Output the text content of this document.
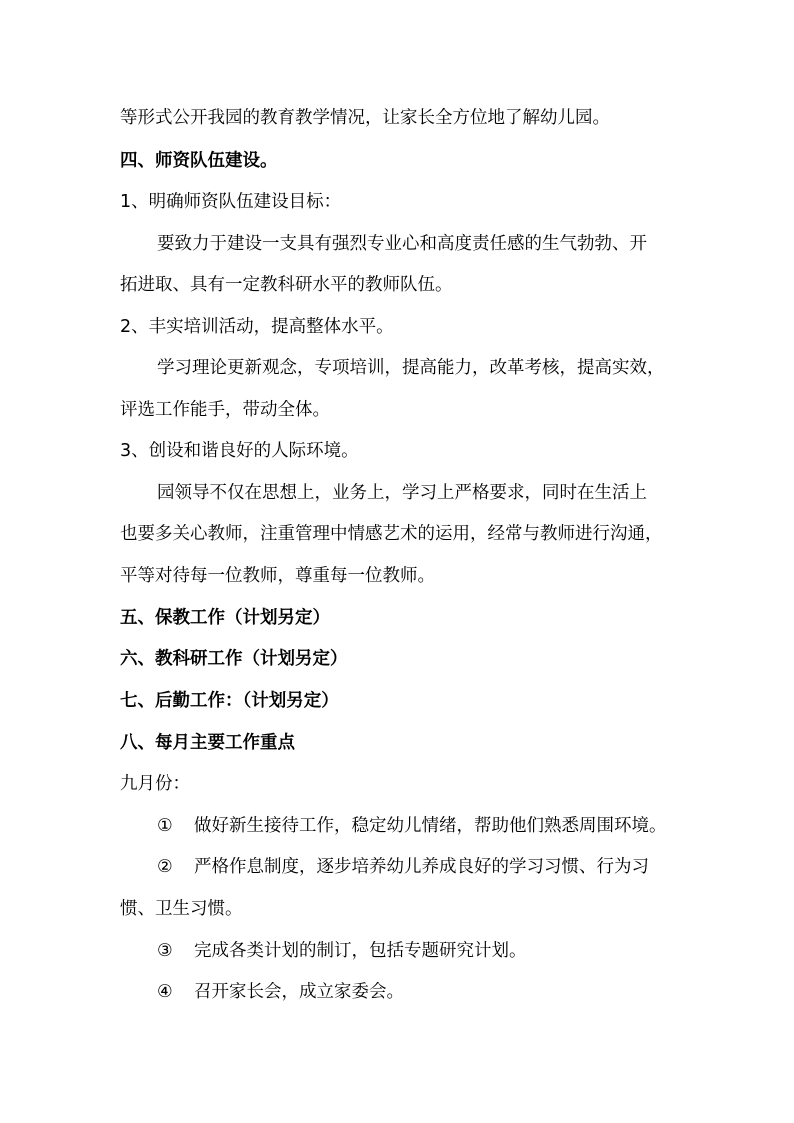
等形式公开我园的教育教学情况，让家长全方位地了解幼儿园。
四、师资队伍建设。
1、明确师资队伍建设目标：
要致力于建设一支具有强烈专业心和高度责任感的生气勃勃、开
拓进取、具有一定教科研水平的教师队伍。
2、丰实培训活动，提高整体水平。
学习理论更新观念，专项培训，提高能力，改革考核，提高实效，
评选工作能手，带动全体。
3、创设和谐良好的人际环境。
园领导不仅在思想上，业务上，学习上严格要求，同时在生活上
也要多关心教师，注重管理中情感艺术的运用，经常与教师进行沟通，
平等对待每一位教师，尊重每一位教师。
五、保教工作（计划另定）
六、教科研工作（计划另定）
七、后勤工作：（计划另定）
八、每月主要工作重点
九月份：
① 做好新生接待工作，稳定幼儿情绪，帮助他们熟悉周围环境。
② 严格作息制度，逐步培养幼儿养成良好的学习习惯、行为习
惯、卫生习惯。
③ 完成各类计划的制订，包括专题研究计划。
④ 召开家长会，成立家委会。
